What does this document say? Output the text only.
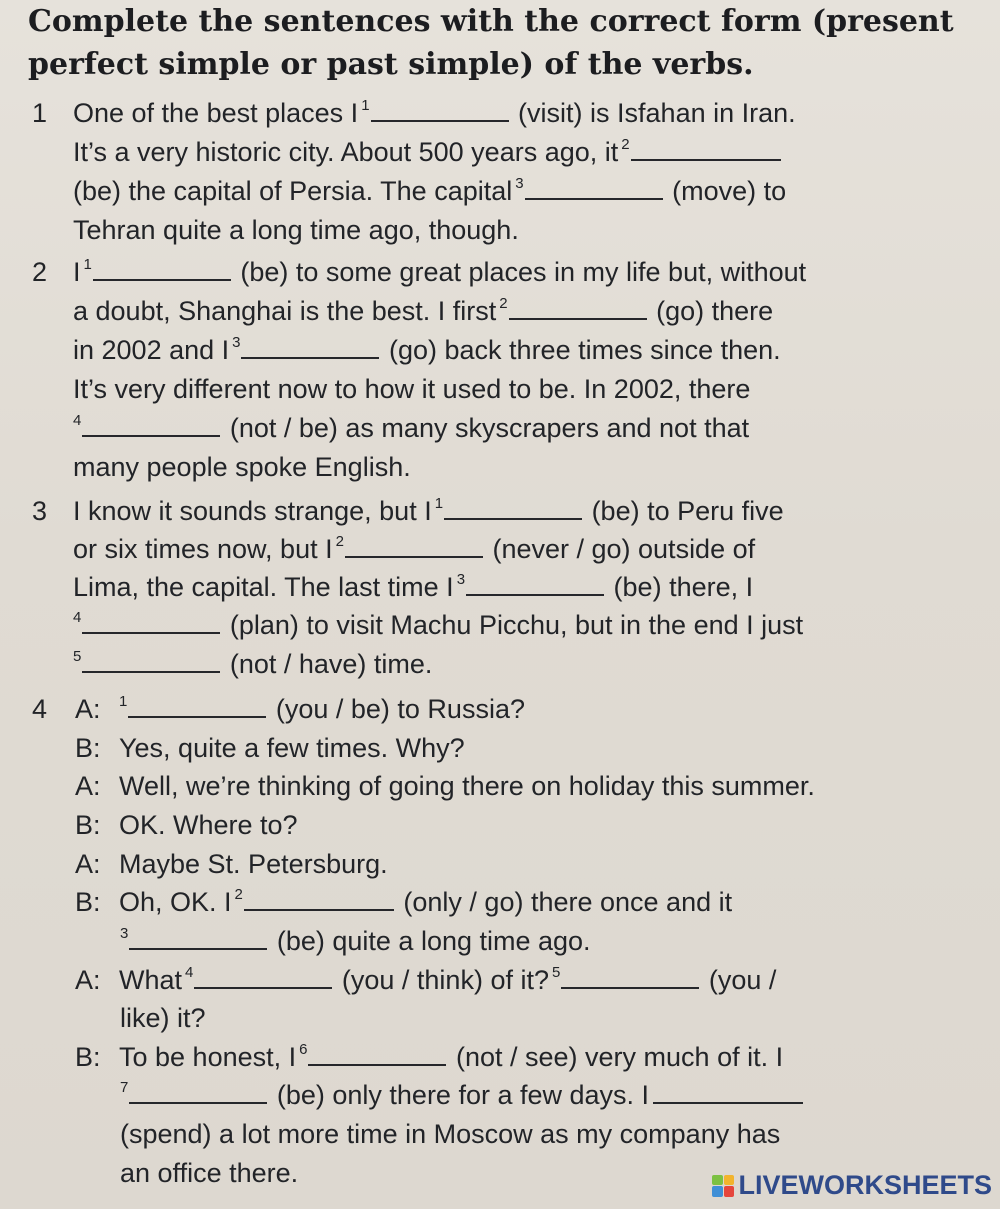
Complete the sentences with the correct form (present
perfect simple or past simple) of the verbs.
1 One of the best places I $^1$	(visit) is Isfahan in Iran.
It’s a very historic city. About 500 years ago, it $^2$
(be) the capital of Persia. The capital $^3$	(move) to
Tehran quite a long time ago, though.
2 I $^1$	(be) to some great places in my life but, without
a doubt, Shanghai is the best. I first $^2$	(go) there
in 2002 and I $^3$	(go) back three times since then.
It’s very different now to how it used to be. In 2002, there
$^4$	(not / be) as many skyscrapers and not that
many people spoke English.
3 I know it sounds strange, but I $^1$	(be) to Peru five
or six times now, but I $^2$	(never / go) outside of
Lima, the capital. The last time I $^3$	(be) there, I
$^4$	(plan) to visit Machu Picchu, but in the end I just
$^5$	(not / have) time.
4 A: $^1$	(you / be) to Russia?
B: Yes, quite a few times. Why?
A: Well, we’re thinking of going there on holiday this summer.
B: OK. Where to?
A: Maybe St. Petersburg.
B: Oh, OK. I $^2$	(only / go) there once and it
$^3$	(be) quite a long time ago.
A: What $^4$	(you / think) of it? $^5$	(you /
like) it?
B: To be honest, I $^6$	(not / see) very much of it. I
$^7$	(be) only there for a few days. I
(spend) a lot more time in Moscow as my company has
an office there.	LIVEWORKSHEETS
